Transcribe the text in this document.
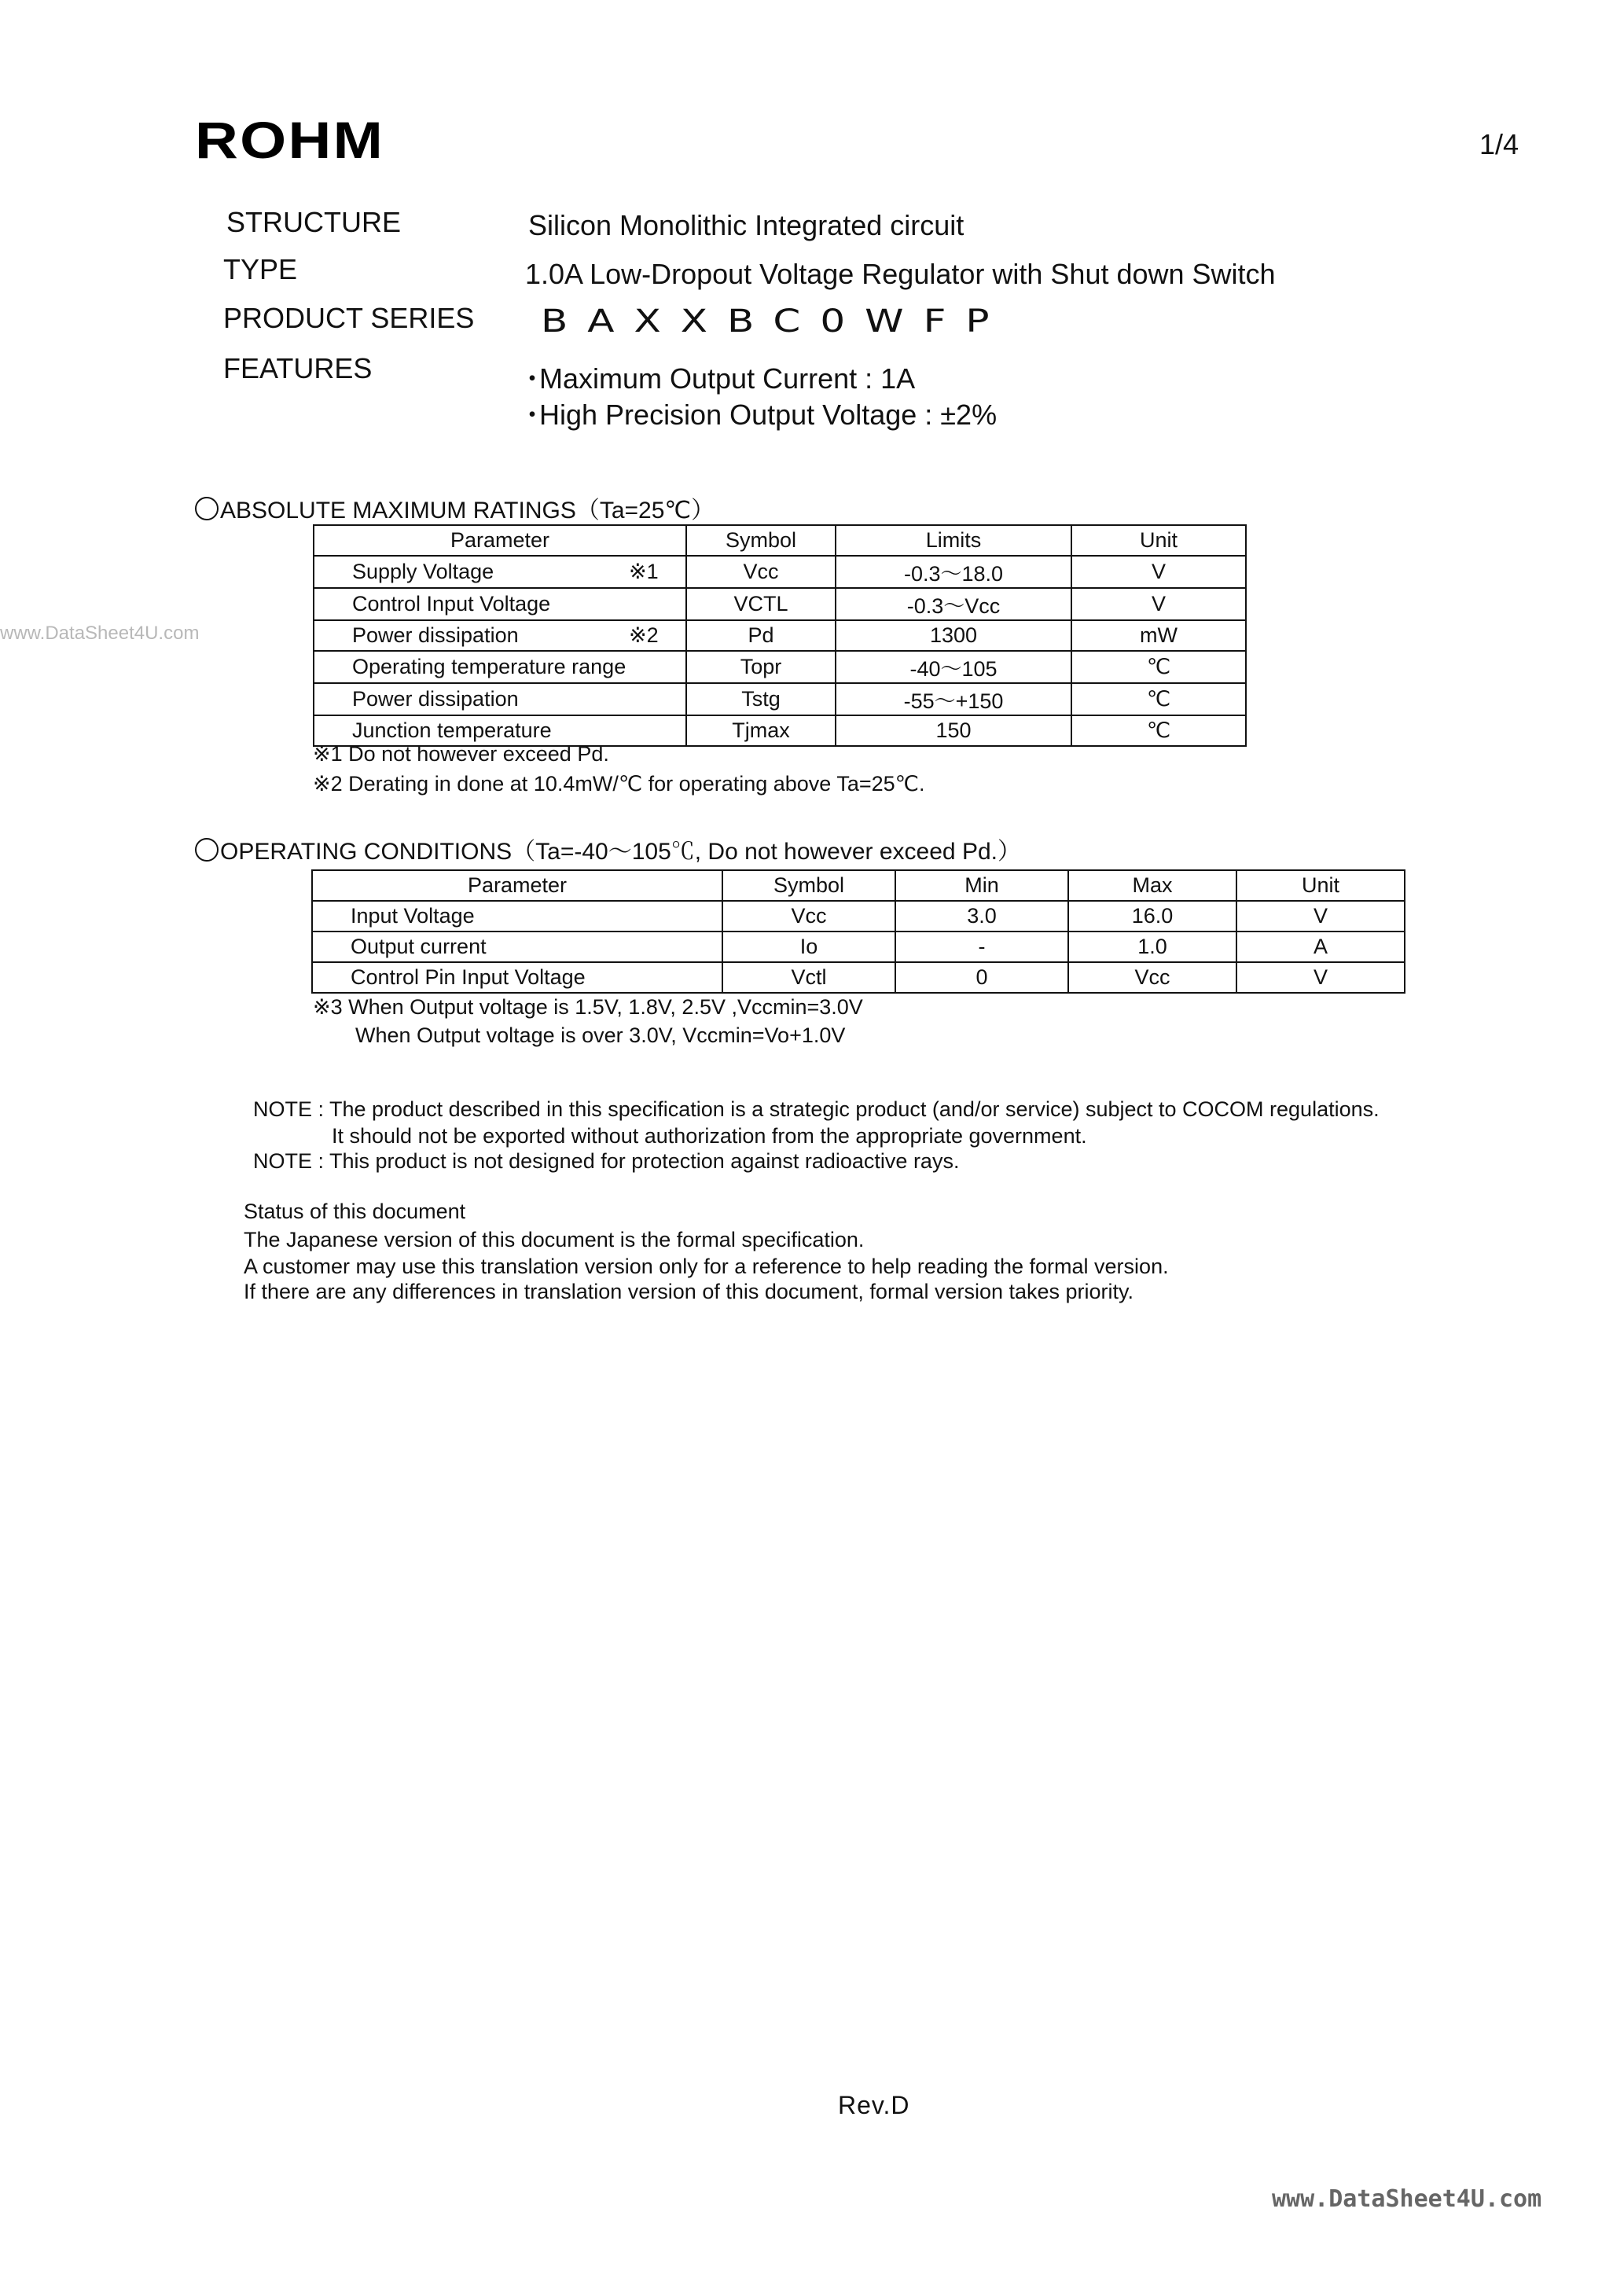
ROHM	1/4
STRUCTURE	Silicon Monolithic Integrated circuit
TYPE	1.0A Low-Dropout Voltage Regulator with Shut down Switch
PRODUCT SERIES BAXXBC0WFP
FEATURES	･Maximum Output Current : 1A
･High Precision Output Voltage : ±2%
ABSOLUTE MAXIMUM RATINGS（Ta=25℃）
Parameter	Symbol	Limits	Unit
Supply Voltage ※1	Vcc	-0.3～18.0	V
Control Input Voltage	VCTL	-0.3～Vcc	V
Power dissipation ※2	Pd	1300	mW
Operating temperature range	Topr	-40～105	℃
Power dissipation	Tstg	-55～+150	℃
Junction temperature	Tjmax	150	℃
※1 Do not however exceed Pd.
※2 Derating in done at 10.4mW/℃ for operating above Ta=25℃.
OPERATING CONDITIONS（Ta=-40～105℃, Do not however exceed Pd.）
Parameter	Symbol	Min	Max	Unit
Input Voltage	Vcc	3.0	16.0	V
Output current	Io	-	1.0	A
Control Pin Input Voltage	Vctl	0	Vcc	V
※3 When Output voltage is 1.5V, 1.8V, 2.5V ,Vccmin=3.0V
When Output voltage is over 3.0V, Vccmin=Vo+1.0V
NOTE : The product described in this specification is a strategic product (and/or service) subject to COCOM regulations.
It should not be exported without authorization from the appropriate government.
NOTE : This product is not designed for protection against radioactive rays.
Status of this document
The Japanese version of this document is the formal specification.
A customer may use this translation version only for a reference to help reading the formal version.
If there are any differences in translation version of this document, formal version takes priority.
Rev.D
www.DataSheet4U.com
www.DataSheet4U.com
